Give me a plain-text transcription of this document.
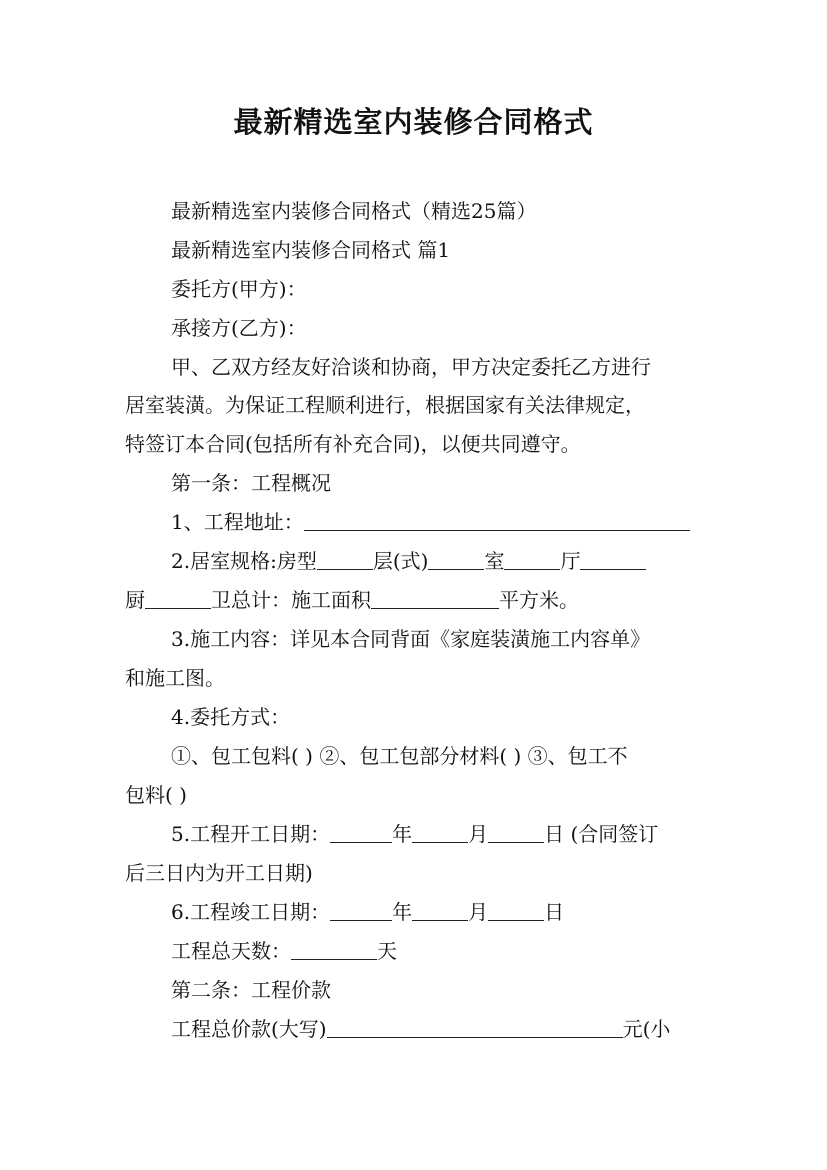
最新精选室内装修合同格式
最新精选室内装修合同格式（精选25篇）
最新精选室内装修合同格式 篇1
委托方(甲方)：
承接方(乙方)：
甲、乙双方经友好洽谈和协商，甲方决定委托乙方进行
居室装潢。为保证工程顺利进行，根据国家有关法律规定，
特签订本合同(包括所有补充合同)，以便共同遵守。
第一条：工程概况
1、工程地址：
2.居室规格:房型	层(式)	室	厅
厨	卫总计：施工面积	平方米。
3.施工内容：详见本合同背面《家庭装潢施工内容单》
和施工图。
4.委托方式：
①、包工包料( ) ②、包工包部分材料( ) ③、包工不
包料( )
5.工程开工日期：	年	月	日 (合同签订
后三日内为开工日期)
6.工程竣工日期：	年	月	日
工程总天数：	天
第二条：工程价款
工程总价款(大写)	元(小
